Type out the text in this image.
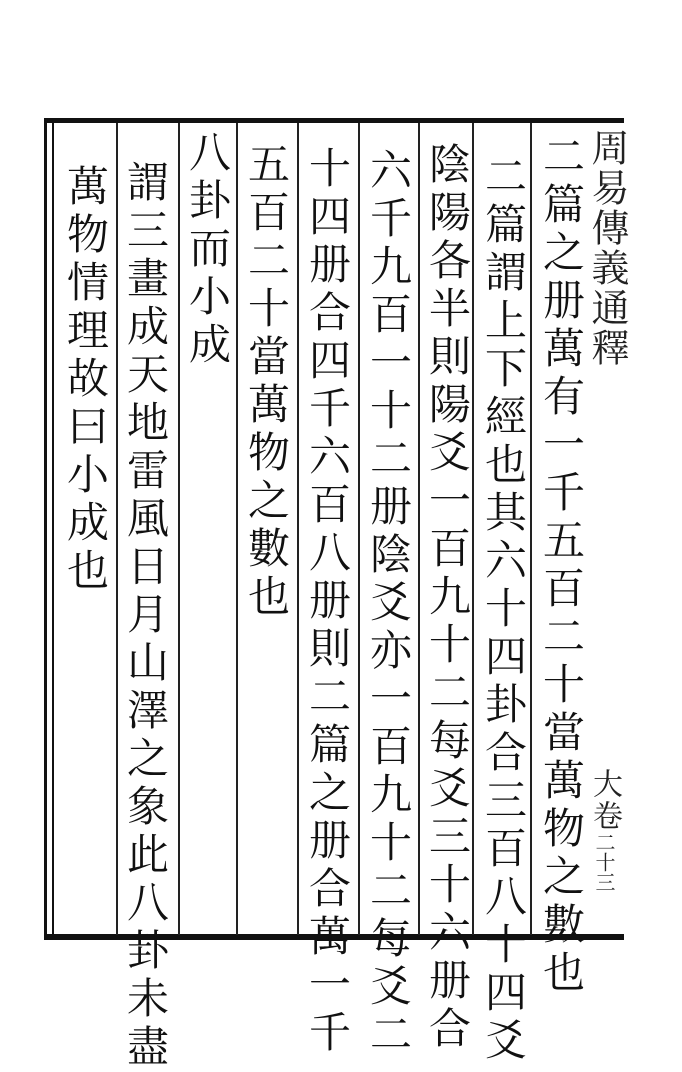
周易傳義通釋
大卷二十三
二篇之册萬有一千五百二十當萬物之數也
二篇謂上下經也其六十四卦合三百八十四爻
陰陽各半則陽爻一百九十二每爻三十六册合
六千九百一十二册陰爻亦一百九十二每爻二
十四册合四千六百八册則二篇之册合萬一千
五百二十當萬物之數也
八卦而小成
謂三畫成天地雷風日月山澤之象此八卦未盡
萬物情理故曰小成也
